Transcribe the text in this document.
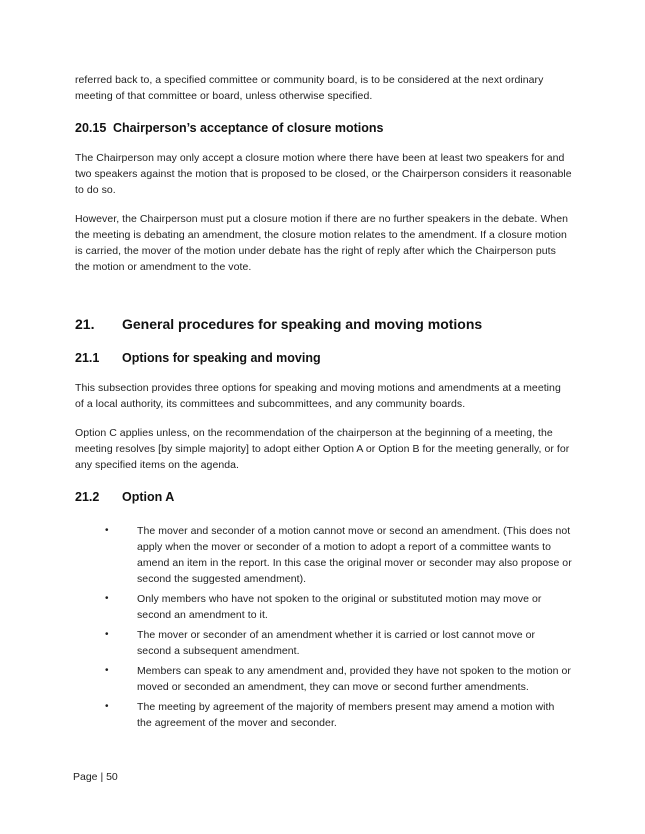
referred back to, a specified committee or community board, is to be considered at the next ordinary meeting of that committee or board, unless otherwise specified.

20.15 Chairperson’s acceptance of closure motions

The Chairperson may only accept a closure motion where there have been at least two speakers for and two speakers against the motion that is proposed to be closed, or the Chairperson considers it reasonable to do so.

However, the Chairperson must put a closure motion if there are no further speakers in the debate. When the meeting is debating an amendment, the closure motion relates to the amendment. If a closure motion is carried, the mover of the motion under debate has the right of reply after which the Chairperson puts the motion or amendment to the vote.

21.	General procedures for speaking and moving motions
21.1	Options for speaking and moving

This subsection provides three options for speaking and moving motions and amendments at a meeting of a local authority, its committees and subcommittees, and any community boards.

Option C applies unless, on the recommendation of the chairperson at the beginning of a meeting, the meeting resolves [by simple majority] to adopt either Option A or Option B for the meeting generally, or for any specified items on the agenda.

21.2	Option A
•	The mover and seconder of a motion cannot move or second an amendment. (This does not apply when the mover or seconder of a motion to adopt a report of a committee wants to amend an item in the report. In this case the original mover or seconder may also propose or second the suggested amendment).
•	Only members who have not spoken to the original or substituted motion may move or second an amendment to it.
•	The mover or seconder of an amendment whether it is carried or lost cannot move or second a subsequent amendment.
•	Members can speak to any amendment and, provided they have not spoken to the motion or moved or seconded an amendment, they can move or second further amendments.
•	The meeting by agreement of the majority of members present may amend a motion with the agreement of the mover and seconder.
Page | 50
